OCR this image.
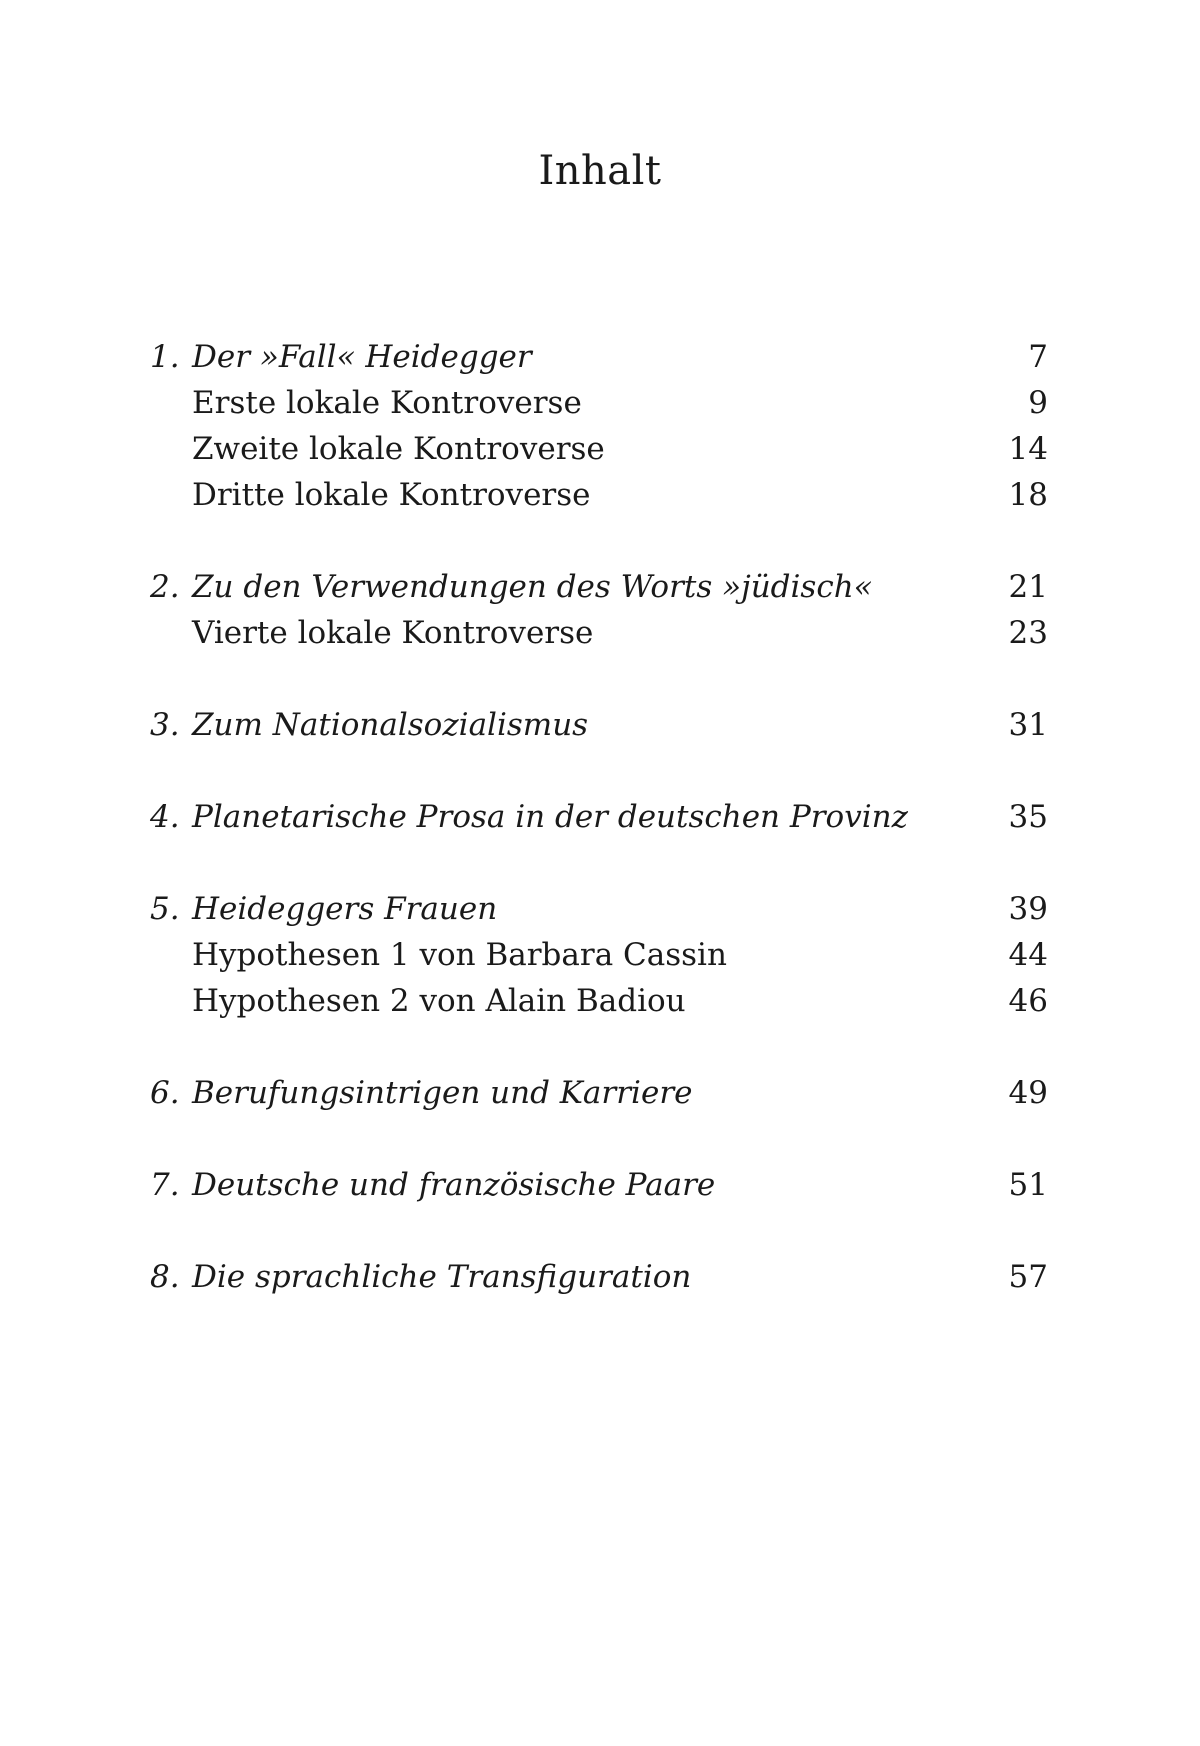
Inhalt
1. Der »Fall« Heidegger	7
Erste lokale Kontroverse	9
Zweite lokale Kontroverse	14
Dritte lokale Kontroverse	18
2. Zu den Verwendungen des Worts »jüdisch«	21
Vierte lokale Kontroverse	23
3. Zum Nationalsozialismus	31
4. Planetarische Prosa in der deutschen Provinz	35
5. Heideggers Frauen	39
Hypothesen 1 von Barbara Cassin	44
Hypothesen 2 von Alain Badiou	46
6. Berufungsintrigen und Karriere	49
7. Deutsche und französische Paare	51
8. Die sprachliche Transfiguration	57
